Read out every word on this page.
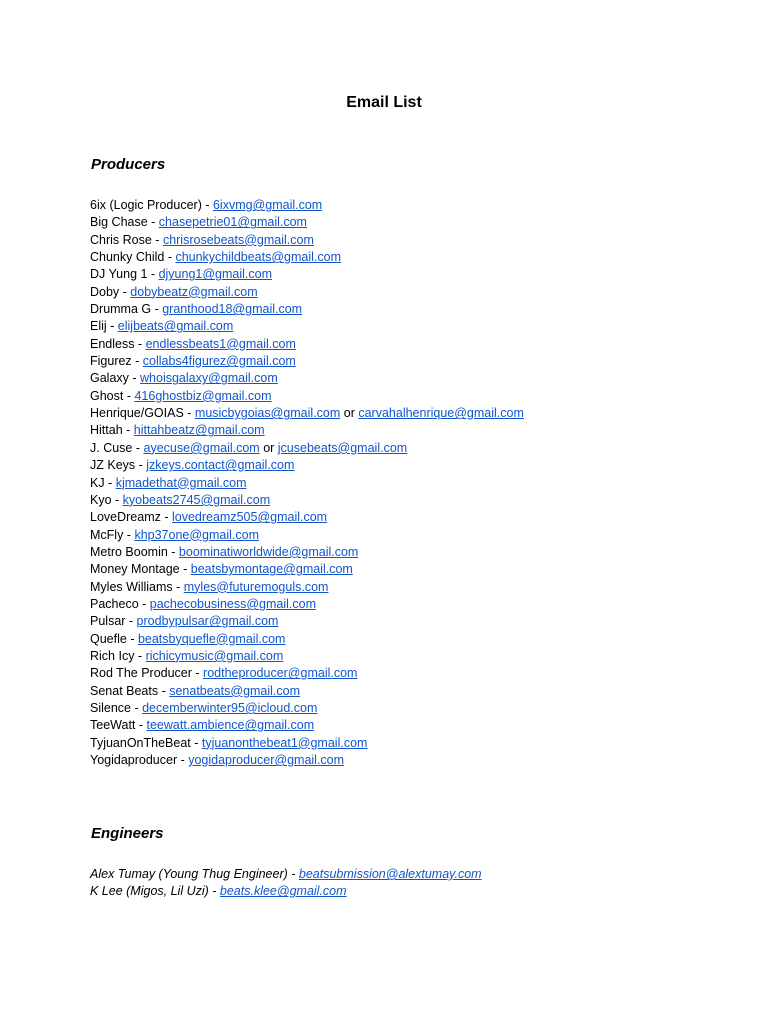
Email List
Producers
6ix (Logic Producer) - 6ixvmg@gmail.com
Big Chase - chasepetrie01@gmail.com
Chris Rose - chrisrosebeats@gmail.com
Chunky Child - chunkychildbeats@gmail.com
DJ Yung 1 - djyung1@gmail.com
Doby - dobybeatz@gmail.com
Drumma G - granthood18@gmail.com
Elij - elijbeats@gmail.com
Endless - endlessbeats1@gmail.com
Figurez - collabs4figurez@gmail.com
Galaxy - whoisgalaxy@gmail.com
Ghost - 416ghostbiz@gmail.com
Henrique/GOIAS - musicbygoias@gmail.com or carvahalhenrique@gmail.com
Hittah - hittahbeatz@gmail.com
J. Cuse - ayecuse@gmail.com or jcusebeats@gmail.com
JZ Keys - jzkeys.contact@gmail.com
KJ - kjmadethat@gmail.com
Kyo - kyobeats2745@gmail.com
LoveDreamz - lovedreamz505@gmail.com
McFly - khp37one@gmail.com
Metro Boomin - boominatiworldwide@gmail.com
Money Montage - beatsbymontage@gmail.com
Myles Williams - myles@futuremoguls.com
Pacheco - pachecobusiness@gmail.com
Pulsar - prodbypulsar@gmail.com
Quefle - beatsbyquefle@gmail.com
Rich Icy - richicymusic@gmail.com
Rod The Producer - rodtheproducer@gmail.com
Senat Beats - senatbeats@gmail.com
Silence - decemberwinter95@icloud.com
TeeWatt - teewatt.ambience@gmail.com
TyjuanOnTheBeat - tyjuanonthebeat1@gmail.com
Yogidaproducer - yogidaproducer@gmail.com
Engineers
Alex Tumay (Young Thug Engineer) - beatsubmission@alextumay.com
K Lee (Migos, Lil Uzi) - beats.klee@gmail.com
